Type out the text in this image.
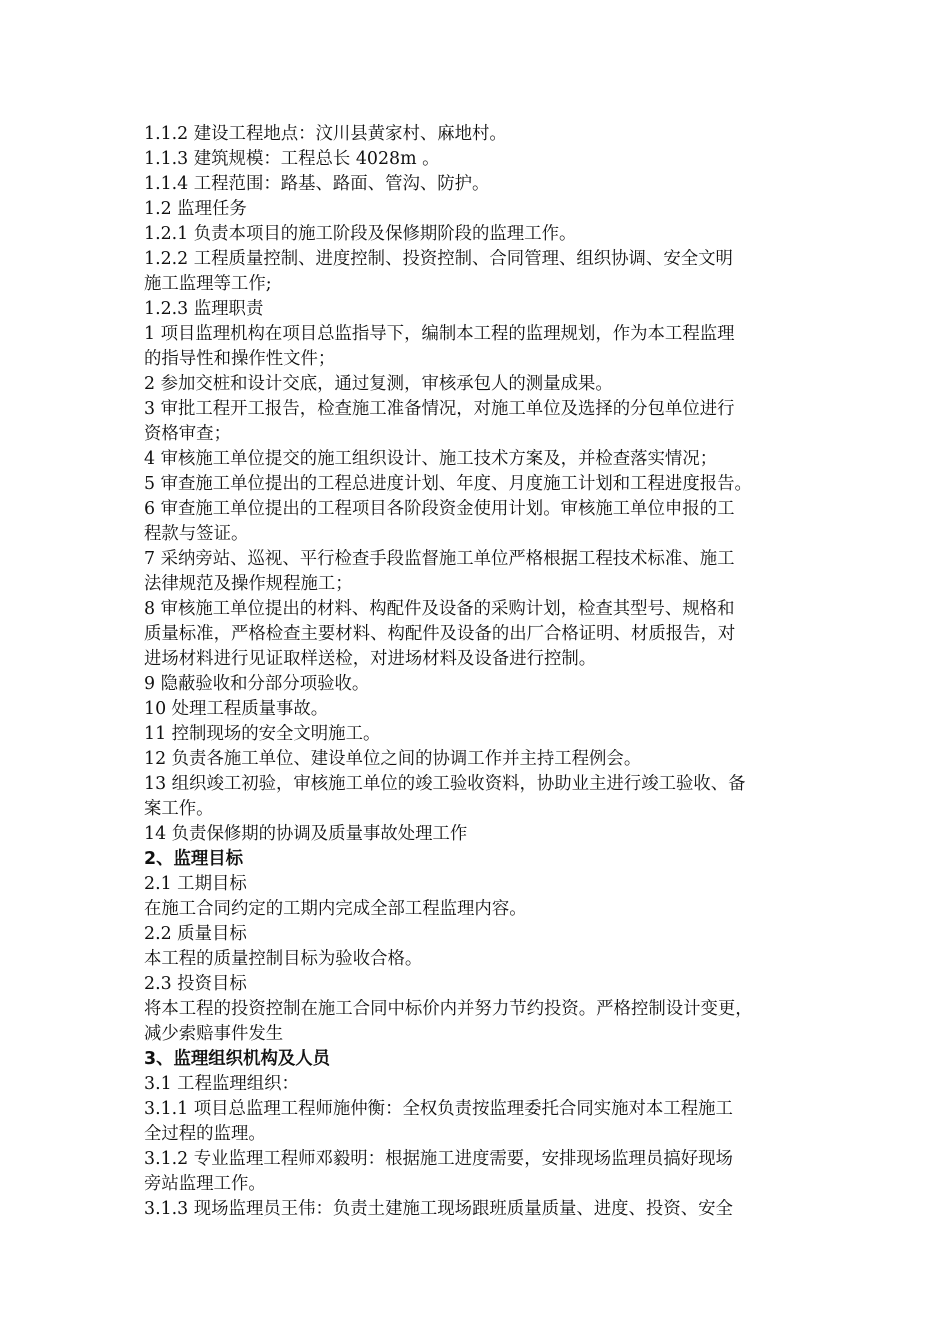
1.1.2 建设工程地点：汶川县黄家村、麻地村。
1.1.3 建筑规模：工程总长 4028m 。
1.1.4 工程范围：路基、路面、管沟、防护。
1.2 监理任务
1.2.1 负责本项目的施工阶段及保修期阶段的监理工作。
1.2.2 工程质量控制、进度控制、投资控制、合同管理、组织协调、安全文明
施工监理等工作;
1.2.3 监理职责
1 项目监理机构在项目总监指导下，编制本工程的监理规划，作为本工程监理
的指导性和操作性文件；
2 参加交桩和设计交底，通过复测，审核承包人的测量成果。
3 审批工程开工报告，检查施工准备情况，对施工单位及选择的分包单位进行
资格审查；
4 审核施工单位提交的施工组织设计、施工技术方案及，并检查落实情况；
5 审查施工单位提出的工程总进度计划、年度、月度施工计划和工程进度报告。
6 审查施工单位提出的工程项目各阶段资金使用计划。审核施工单位申报的工
程款与签证。
7 采纳旁站、巡视、平行检查手段监督施工单位严格根据工程技术标准、施工
法律规范及操作规程施工；
8 审核施工单位提出的材料、构配件及设备的采购计划，检查其型号、规格和
质量标准，严格检查主要材料、构配件及设备的出厂合格证明、材质报告，对
进场材料进行见证取样送检，对进场材料及设备进行控制。
9 隐蔽验收和分部分项验收。
10 处理工程质量事故。
11 控制现场的安全文明施工。
12 负责各施工单位、建设单位之间的协调工作并主持工程例会。
13 组织竣工初验，审核施工单位的竣工验收资料，协助业主进行竣工验收、备
案工作。
14 负责保修期的协调及质量事故处理工作
2、监理目标
2.1 工期目标
在施工合同约定的工期内完成全部工程监理内容。
2.2 质量目标
本工程的质量控制目标为验收合格。
2.3 投资目标
将本工程的投资控制在施工合同中标价内并努力节约投资。严格控制设计变更，
减少索赔事件发生
3、监理组织机构及人员
3.1 工程监理组织：
3.1.1 项目总监理工程师施仲衡：全权负责按监理委托合同实施对本工程施工
全过程的监理。
3.1.2 专业监理工程师邓毅明：根据施工进度需要，安排现场监理员搞好现场
旁站监理工作。
3.1.3 现场监理员王伟：负责土建施工现场跟班质量质量、进度、投资、安全
